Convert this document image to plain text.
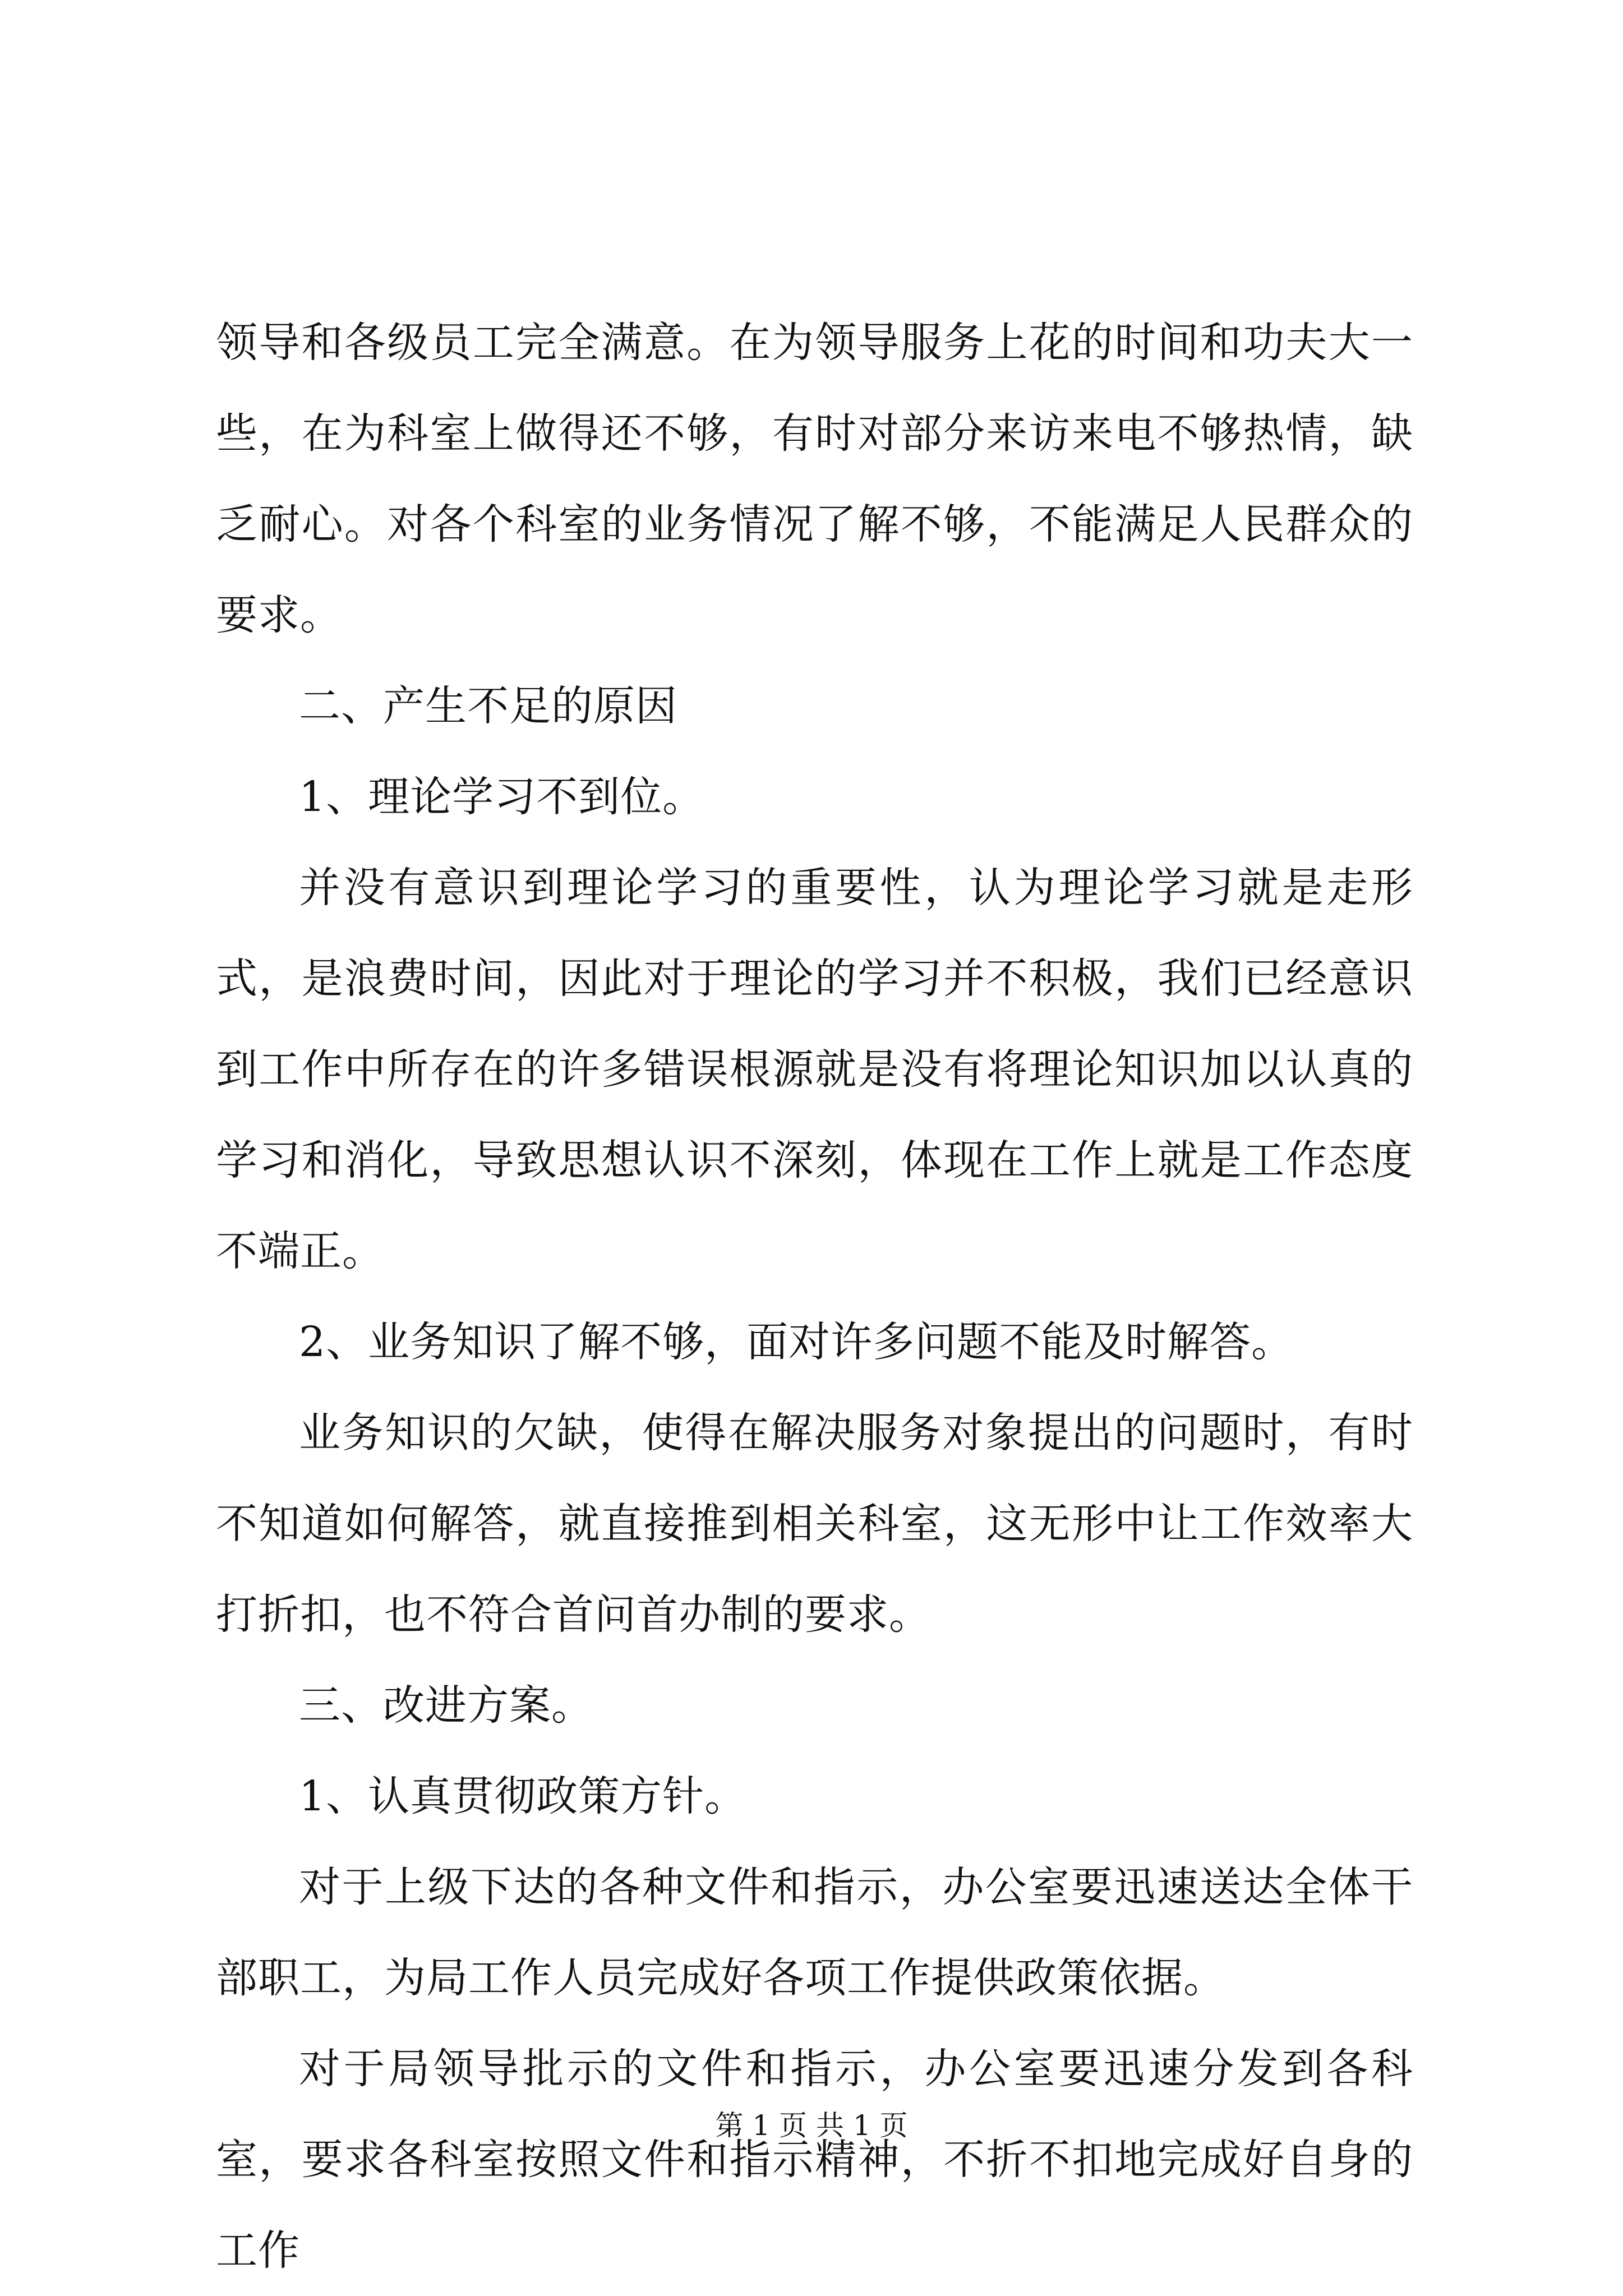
领导和各级员工完全满意。在为领导服务上花的时间和功夫大一些，在为科室上做得还不够，有时对部分来访来电不够热情，缺乏耐心。对各个科室的业务情况了解不够，不能满足人民群众的要求。

二、产生不足的原因

1、理论学习不到位。

并没有意识到理论学习的重要性，认为理论学习就是走形式，是浪费时间，因此对于理论的学习并不积极，我们已经意识到工作中所存在的许多错误根源就是没有将理论知识加以认真的学习和消化，导致思想认识不深刻，体现在工作上就是工作态度不端正。

2、业务知识了解不够，面对许多问题不能及时解答。

业务知识的欠缺，使得在解决服务对象提出的问题时，有时不知道如何解答，就直接推到相关科室，这无形中让工作效率大打折扣，也不符合首问首办制的要求。

三、改进方案。

1、认真贯彻政策方针。

对于上级下达的各种文件和指示，办公室要迅速送达全体干部职工，为局工作人员完成好各项工作提供政策依据。

对于局领导批示的文件和指示，办公室要迅速分发到各科室，要求各科室按照文件和指示精神，不折不扣地完成好自身的工作

第 1 页 共 1 页
